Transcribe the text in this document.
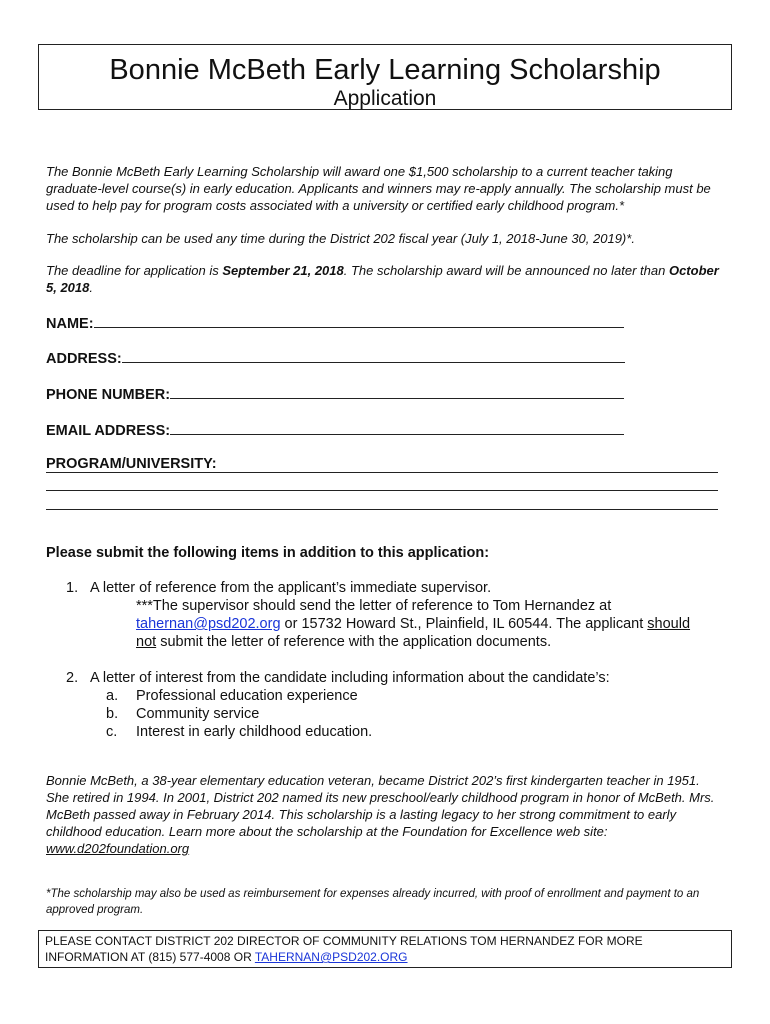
Bonnie McBeth Early Learning Scholarship
Application

The Bonnie McBeth Early Learning Scholarship will award one $1,500 scholarship to a current teacher taking graduate-level course(s) in early education. Applicants and winners may re-apply annually. The scholarship must be used to help pay for program costs associated with a university or certified early childhood program.*

The scholarship can be used any time during the District 202 fiscal year (July 1, 2018-June 30, 2019)*.

The deadline for application is September 21, 2018. The scholarship award will be announced no later than October 5, 2018.

NAME:
ADDRESS:
PHONE NUMBER:
EMAIL ADDRESS:
PROGRAM/UNIVERSITY:
Please submit the following items in addition to this application:
1. A letter of reference from the applicant’s immediate supervisor.
***The supervisor should send the letter of reference to Tom Hernandez at
tahernan@psd202.org or 15732 Howard St., Plainfield, IL 60544. The applicant should
not submit the letter of reference with the application documents.
2. A letter of interest from the candidate including information about the candidate’s:
a. Professional education experience
b. Community service
c. Interest in early childhood education.
Bonnie McBeth, a 38-year elementary education veteran, became District 202’s first kindergarten teacher in 1951. She retired in 1994. In 2001, District 202 named its new preschool/early childhood program in honor of McBeth. Mrs. McBeth passed away in February 2014. This scholarship is a lasting legacy to her strong commitment to early childhood education. Learn more about the scholarship at the Foundation for Excellence web site: www.d202foundation.org
*The scholarship may also be used as reimbursement for expenses already incurred, with proof of enrollment and payment to an approved program.
PLEASE CONTACT DISTRICT 202 DIRECTOR OF COMMUNITY RELATIONS TOM HERNANDEZ FOR MORE INFORMATION AT (815) 577-4008 OR TAHERNAN@PSD202.ORG
